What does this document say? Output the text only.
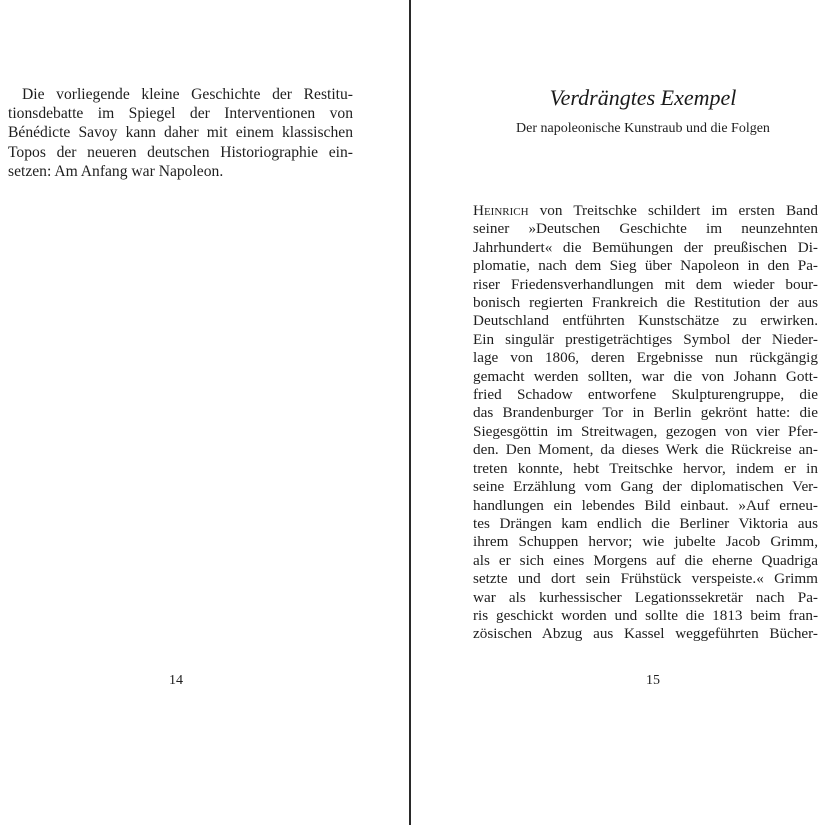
Die vorliegende kleine Geschichte der Restitu-
tionsdebatte im Spiegel der Interventionen von
Bénédicte Savoy kann daher mit einem klassischen
Topos der neueren deutschen Historiographie ein-
setzen: Am Anfang war Napoleon.
14
Verdrängtes Exempel
Der napoleonische Kunstraub und die Folgen
Heinrich von Treitschke schildert im ersten Band
seiner »Deutschen Geschichte im neunzehnten
Jahrhundert« die Bemühungen der preußischen Di-
plomatie, nach dem Sieg über Napoleon in den Pa-
riser Friedensverhandlungen mit dem wieder bour-
bonisch regierten Frankreich die Restitution der aus
Deutschland entführten Kunstschätze zu erwirken.
Ein singulär prestigeträchtiges Symbol der Nieder-
lage von 1806, deren Ergebnisse nun rückgängig
gemacht werden sollten, war die von Johann Gott-
fried Schadow entworfene Skulpturengruppe, die
das Brandenburger Tor in Berlin gekrönt hatte: die
Siegesgöttin im Streitwagen, gezogen von vier Pfer-
den. Den Moment, da dieses Werk die Rückreise an-
treten konnte, hebt Treitschke hervor, indem er in
seine Erzählung vom Gang der diplomatischen Ver-
handlungen ein lebendes Bild einbaut. »Auf erneu-
tes Drängen kam endlich die Berliner Viktoria aus
ihrem Schuppen hervor; wie jubelte Jacob Grimm,
als er sich eines Morgens auf die eherne Quadriga
setzte und dort sein Frühstück verspeiste.« Grimm
war als kurhessischer Legationssekretär nach Pa-
ris geschickt worden und sollte die 1813 beim fran-
zösischen Abzug aus Kassel weggeführten Bücher-
15
